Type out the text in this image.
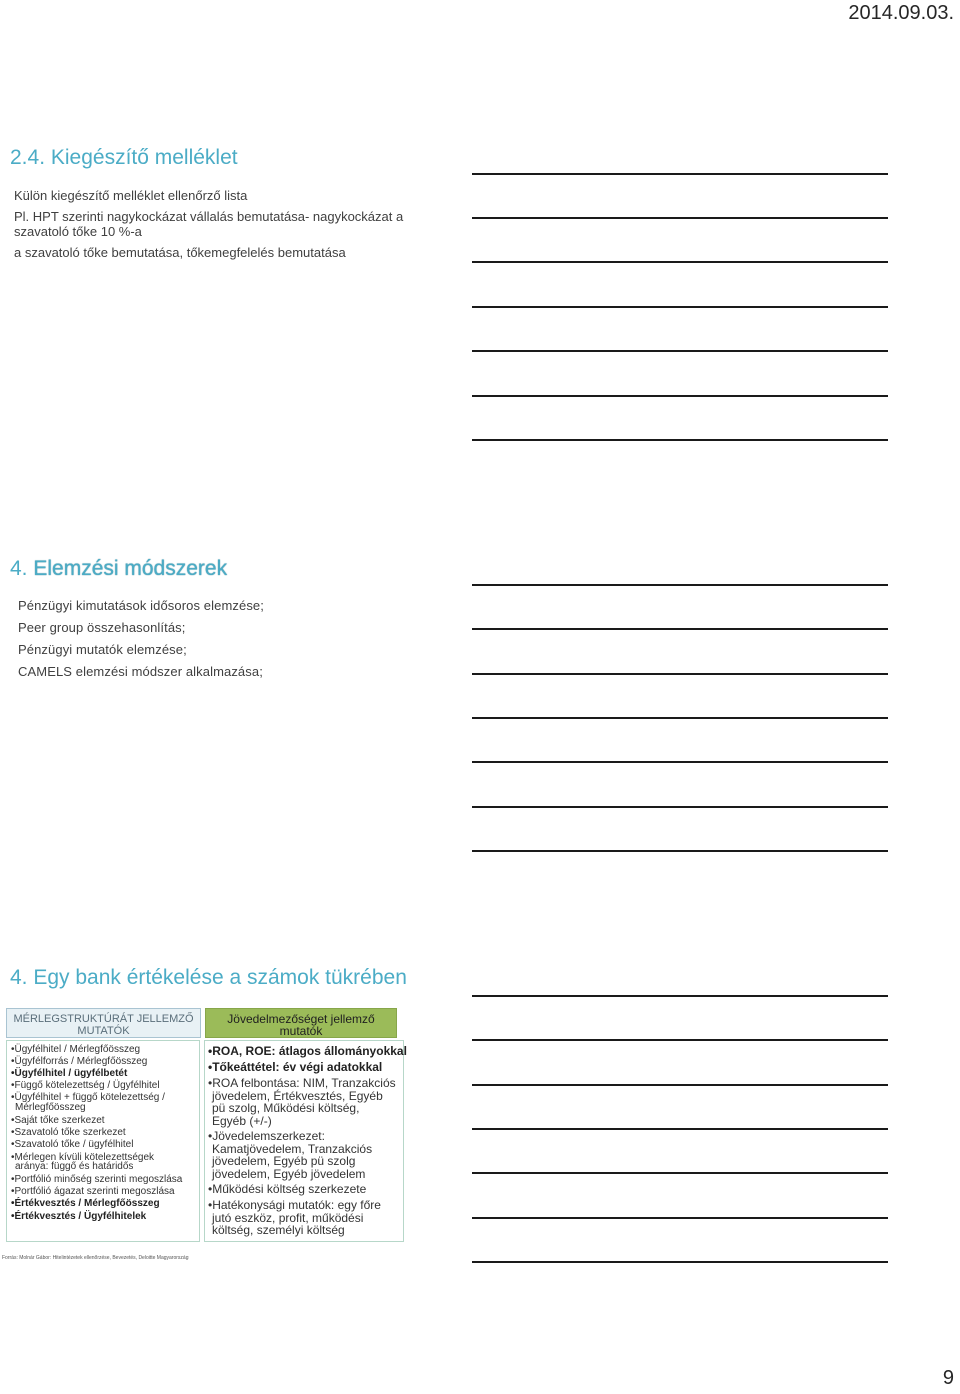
2014.09.03.
2.4. Kiegészítő melléklet
Külön kiegészítő melléklet ellenőrző lista
Pl. HPT szerinti nagykockázat vállalás bemutatása- nagykockázat a
szavatoló tőke 10 %-a
a szavatoló tőke bemutatása, tőkemegfelelés bemutatása
4. Elemzési módszerek
Pénzügyi kimutatások idősoros elemzése;
Peer group összehasonlítás;
Pénzügyi mutatók elemzése;
CAMELS elemzési módszer alkalmazása;
4. Egy bank értékelése a számok tükrében
MÉRLEGSTRUKTÚRÁT JELLEMZŐ
MUTATÓK
•Ügyfélhitel / Mérlegfőösszeg
•Ügyfélforrás / Mérlegfőösszeg
•Ügyfélhitel / ügyfélbetét
•Függő kötelezettség / Ügyfélhitel
•Ügyfélhitel + függő kötelezettség /
Mérlegfőösszeg
•Saját tőke szerkezet
•Szavatoló tőke szerkezet
•Szavatoló tőke / ügyfélhitel
•Mérlegen kívüli kötelezettségek
aránya: függő és határidős
•Portfólió minőség szerinti megoszlása
•Portfólió ágazat szerinti megoszlása
•Értékvesztés / Mérlegfőösszeg
•Értékvesztés / Ügyfélhitelek
Jövedelmezőséget jellemző
mutatók
•ROA, ROE: átlagos állományokkal
•Tőkeáttétel: év végi adatokkal
•ROA felbontása: NIM, Tranzakciós
jövedelem, Értékvesztés, Egyéb
pü szolg, Működési költség,
Egyéb (+/-)
•Jövedelemszerkezet:
Kamatjövedelem, Tranzakciós
jövedelem, Egyéb pü szolg
jövedelem, Egyéb jövedelem
•Működési költség szerkezete
•Hatékonysági mutatók: egy főre
jutó eszköz, profit, működési
költség, személyi költség
Forrás: Molnár Gábor: Hitelintézetek ellenőrzése, Bevezetés, Deloitte Magyarország
9
